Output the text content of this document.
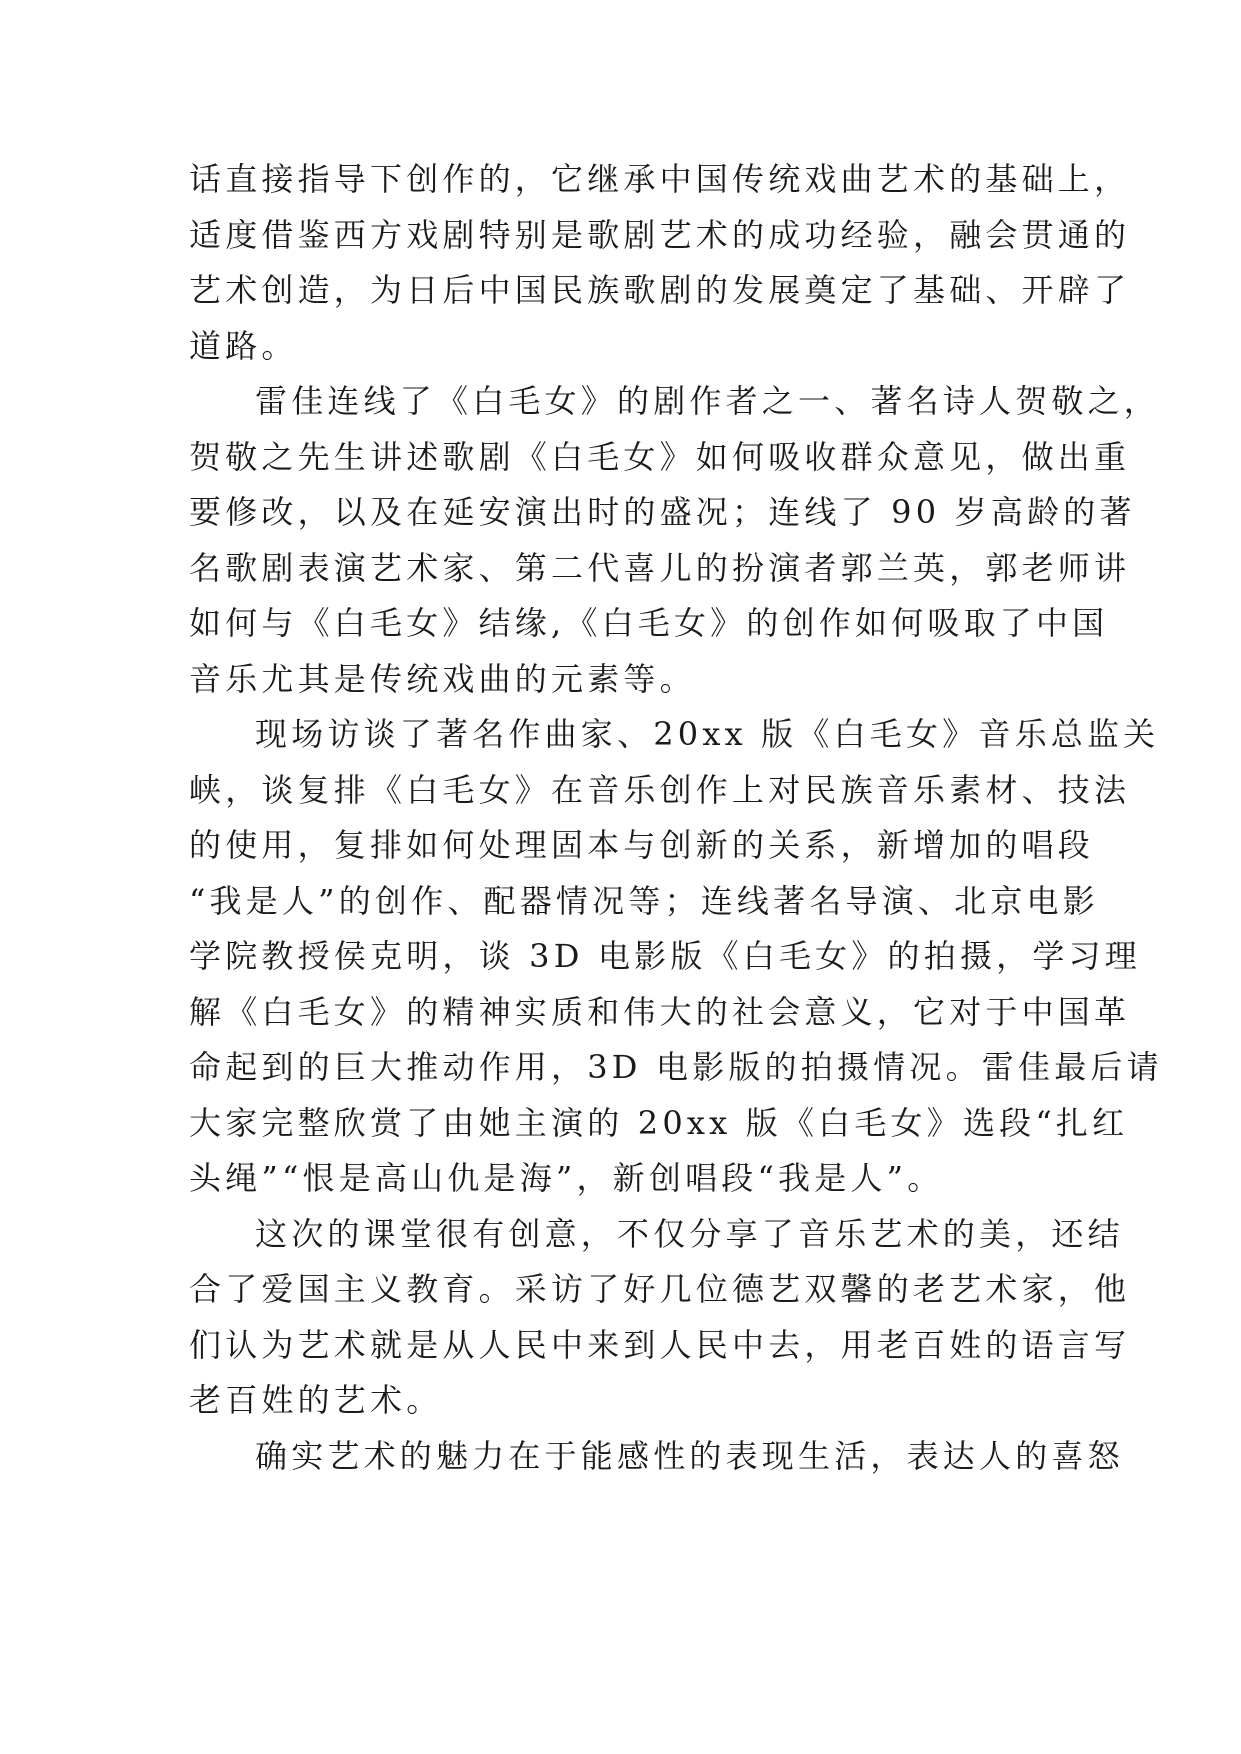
话直接指导下创作的，它继承中国传统戏曲艺术的基础上，
适度借鉴西方戏剧特别是歌剧艺术的成功经验，融会贯通的
艺术创造，为日后中国民族歌剧的发展奠定了基础、开辟了
道路。
雷佳连线了《白毛女》的剧作者之一、著名诗人贺敬之，
贺敬之先生讲述歌剧《白毛女》如何吸收群众意见，做出重
要修改，以及在延安演出时的盛况；连线了 90 岁高龄的著
名歌剧表演艺术家、第二代喜儿的扮演者郭兰英，郭老师讲
如何与《白毛女》结缘,《白毛女》的创作如何吸取了中国
音乐尤其是传统戏曲的元素等。
现场访谈了著名作曲家、20xx 版《白毛女》音乐总监关
峡，谈复排《白毛女》在音乐创作上对民族音乐素材、技法
的使用，复排如何处理固本与创新的关系，新增加的唱段
“我是人”的创作、配器情况等；连线著名导演、北京电影
学院教授侯克明，谈 3D 电影版《白毛女》的拍摄，学习理
解《白毛女》的精神实质和伟大的社会意义，它对于中国革
命起到的巨大推动作用，3D 电影版的拍摄情况。雷佳最后请
大家完整欣赏了由她主演的 20xx 版《白毛女》选段“扎红
头绳”“恨是高山仇是海”，新创唱段“我是人”。
这次的课堂很有创意，不仅分享了音乐艺术的美，还结
合了爱国主义教育。采访了好几位德艺双馨的老艺术家，他
们认为艺术就是从人民中来到人民中去，用老百姓的语言写
老百姓的艺术。
确实艺术的魅力在于能感性的表现生活，表达人的喜怒
